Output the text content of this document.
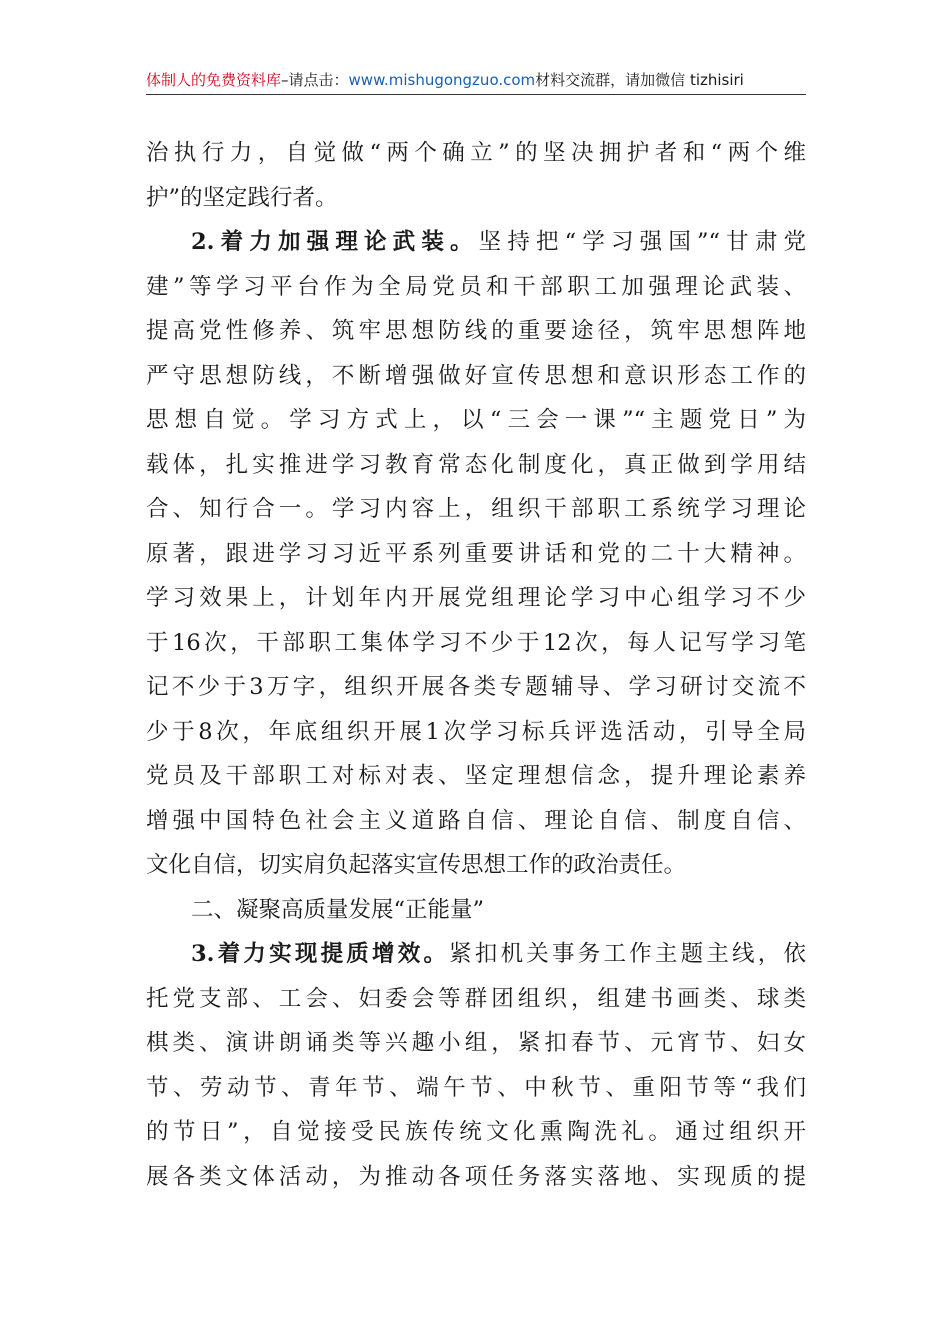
体制人的免费资料库–请点击：www.mishugongzuo.com材料交流群，请加微信 tizhisiri
治执行力，自觉做“两个确立”的坚决拥护者和“两个维
护”的坚定践行者。
2.着力加强理论武装。坚持把“学习强国”“甘肃党
建”等学习平台作为全局党员和干部职工加强理论武装、
提高党性修养、筑牢思想防线的重要途径，筑牢思想阵地
严守思想防线，不断增强做好宣传思想和意识形态工作的
思想自觉。学习方式上，以“三会一课”“主题党日”为
载体，扎实推进学习教育常态化制度化，真正做到学用结
合、知行合一。学习内容上，组织干部职工系统学习理论
原著，跟进学习习近平系列重要讲话和党的二十大精神。
学习效果上，计划年内开展党组理论学习中心组学习不少
于16次，干部职工集体学习不少于12次，每人记写学习笔
记不少于3万字，组织开展各类专题辅导、学习研讨交流不
少于8次，年底组织开展1次学习标兵评选活动，引导全局
党员及干部职工对标对表、坚定理想信念，提升理论素养
增强中国特色社会主义道路自信、理论自信、制度自信、
文化自信，切实肩负起落实宣传思想工作的政治责任。
二、凝聚高质量发展“正能量”
3.着力实现提质增效。紧扣机关事务工作主题主线，依
托党支部、工会、妇委会等群团组织，组建书画类、球类
棋类、演讲朗诵类等兴趣小组，紧扣春节、元宵节、妇女
节、劳动节、青年节、端午节、中秋节、重阳节等“我们
的节日”，自觉接受民族传统文化熏陶洗礼。通过组织开
展各类文体活动，为推动各项任务落实落地、实现质的提
